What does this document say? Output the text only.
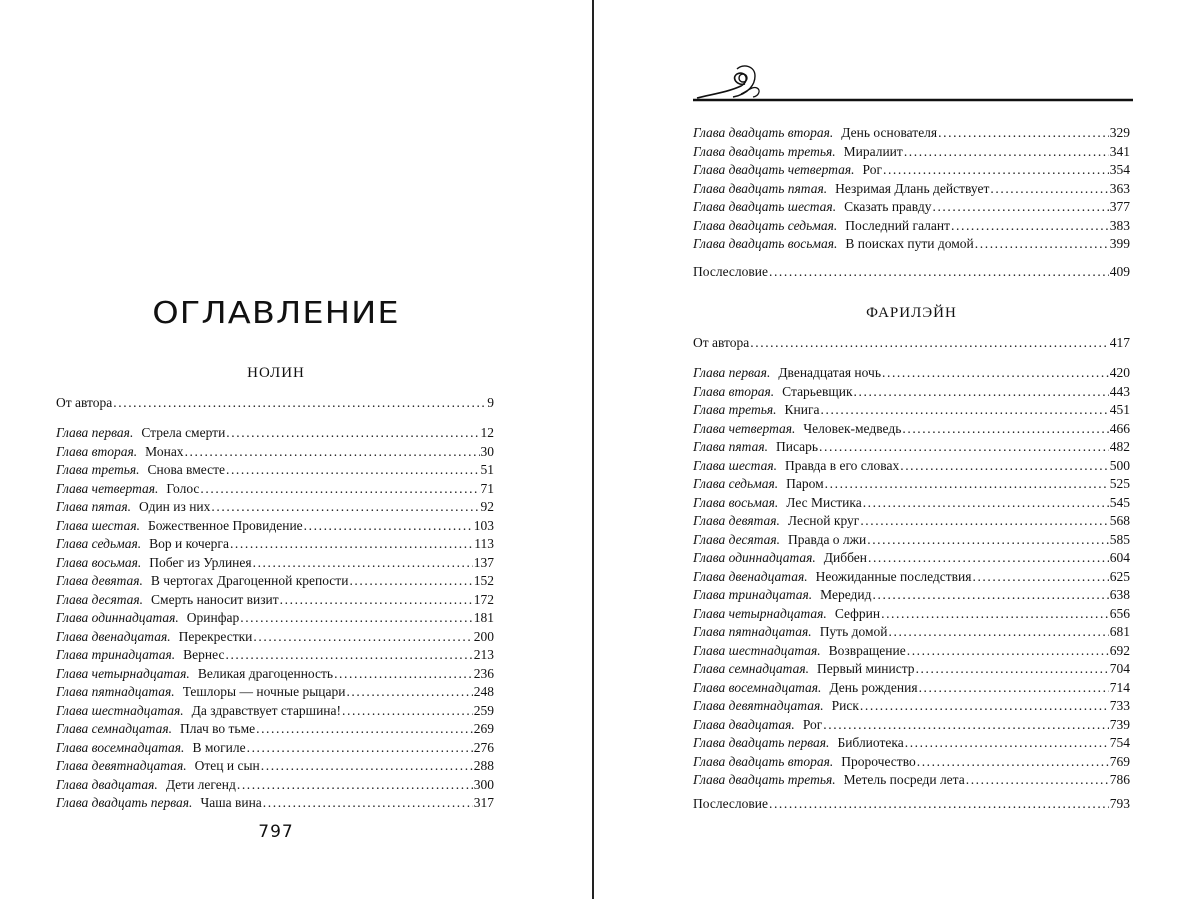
ОГЛАВЛЕНИЕ
НОЛИН
От автора .....	9
Глава первая. Стрела смерти .....	12
Глава вторая. Монах .....	30
Глава третья. Снова вместе .....	51
Глава четвертая. Голос .....	71
Глава пятая. Один из них .....	92
Глава шестая. Божественное Провидение .....	103
Глава седьмая. Вор и кочерга .....	113
Глава восьмая. Побег из Урлинея .....	137
Глава девятая. В чертогах Драгоценной крепости .....	152
Глава десятая. Смерть наносит визит .....	172
Глава одиннадцатая. Оринфар .....	181
Глава двенадцатая. Перекрестки .....	200
Глава тринадцатая. Вернес .....	213
Глава четырнадцатая. Великая драгоценность .....	236
Глава пятнадцатая. Тешлоры — ночные рыцари .....	248
Глава шестнадцатая. Да здравствует старшина! .....	259
Глава семнадцатая. Плач во тьме .....	269
Глава восемнадцатая. В могиле .....	276
Глава девятнадцатая. Отец и сын .....	288
Глава двадцатая. Дети легенд .....	300
Глава двадцать первая. Чаша вина .....	317
797
Глава двадцать вторая. День основателя .....	329
Глава двадцать третья. Миралиит .....	341
Глава двадцать четвертая. Рог .....	354
Глава двадцать пятая. Незримая Длань действует .....	363
Глава двадцать шестая. Сказать правду .....	377
Глава двадцать седьмая. Последний галант .....	383
Глава двадцать восьмая. В поисках пути домой .....	399
Послесловие .....	409
ФАРИЛЭЙН
От автора .....	417
Глава первая. Двенадцатая ночь .....	420
Глава вторая. Старьевщик .....	443
Глава третья. Книга .....	451
Глава четвертая. Человек-медведь .....	466
Глава пятая. Писарь .....	482
Глава шестая. Правда в его словах .....	500
Глава седьмая. Паром .....	525
Глава восьмая. Лес Мистика .....	545
Глава девятая. Лесной круг .....	568
Глава десятая. Правда о лжи .....	585
Глава одиннадцатая. Диббен .....	604
Глава двенадцатая. Неожиданные последствия .....	625
Глава тринадцатая. Мередид .....	638
Глава четырнадцатая. Сефрин .....	656
Глава пятнадцатая. Путь домой .....	681
Глава шестнадцатая. Возвращение .....	692
Глава семнадцатая. Первый министр .....	704
Глава восемнадцатая. День рождения .....	714
Глава девятнадцатая. Риск .....	733
Глава двадцатая. Рог .....	739
Глава двадцать первая. Библиотека .....	754
Глава двадцать вторая. Пророчество .....	769
Глава двадцать третья. Метель посреди лета .....	786
Послесловие .....	793
